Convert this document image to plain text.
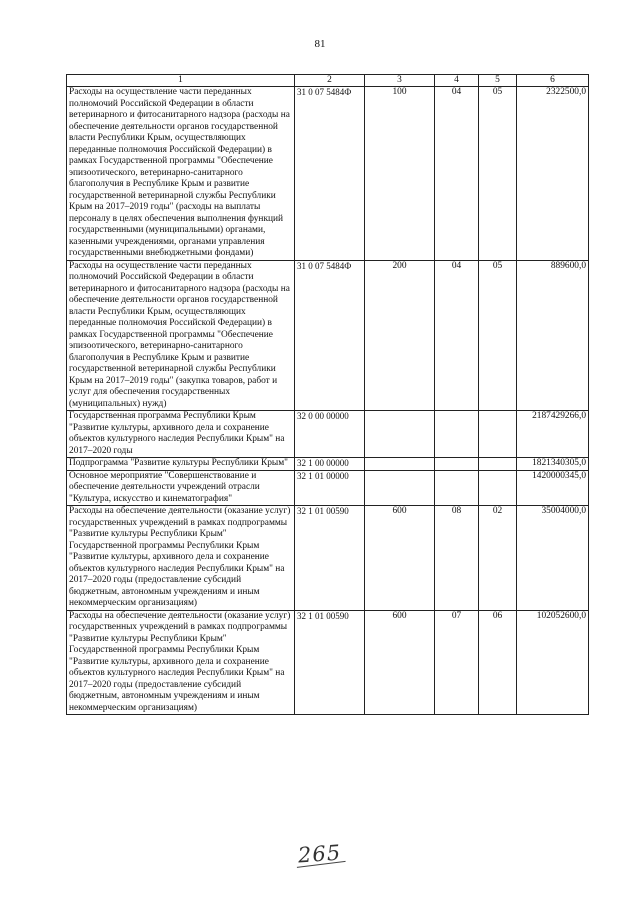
81
1	2	3	4	5	6
Расходы на осуществление части переданных полномочий Российской Федерации в области ветеринарного и фитосанитарного надзора (расходы на обеспечение деятельности органов государственной власти Республики Крым, осуществляющих переданные полномочия Российской Федерации) в рамках Государственной программы "Обеспечение эпизоотического, ветеринарно-санитарного благополучия в Республике Крым и развитие государственной ветеринарной службы Республики Крым на 2017–2019 годы" (расходы на выплаты персоналу в целях обеспечения выполнения функций государственными (муниципальными) органами, казенными учреждениями, органами управления государственными внебюджетными фондами)	31 0 07 5484Ф	100	04	05	2322500,0
Расходы на осуществление части переданных полномочий Российской Федерации в области ветеринарного и фитосанитарного надзора (расходы на обеспечение деятельности органов государственной власти Республики Крым, осуществляющих переданные полномочия Российской Федерации) в рамках Государственной программы "Обеспечение эпизоотического, ветеринарно-санитарного благополучия в Республике Крым и развитие государственной ветеринарной службы Республики Крым на 2017–2019 годы" (закупка товаров, работ и услуг для обеспечения государственных (муниципальных) нужд)	31 0 07 5484Ф	200	04	05	889600,0
Государственная программа Республики Крым "Развитие культуры, архивного дела и сохранение объектов культурного наследия Республики Крым" на 2017–2020 годы	32 0 00 00000				2187429266,0
Подпрограмма "Развитие культуры Республики Крым"	32 1 00 00000				1821340305,0
Основное мероприятие "Совершенствование и обеспечение деятельности учреждений отрасли "Культура, искусство и кинематография"	32 1 01 00000				1420000345,0
Расходы на обеспечение деятельности (оказание услуг) государственных учреждений в рамках подпрограммы "Развитие культуры Республики Крым" Государственной программы Республики Крым "Развитие культуры, архивного дела и сохранение объектов культурного наследия Республики Крым" на 2017–2020 годы (предоставление субсидий бюджетным, автономным учреждениям и иным некоммерческим организациям)	32 1 01 00590	600	08	02	35004000,0
Расходы на обеспечение деятельности (оказание услуг) государственных учреждений в рамках подпрограммы "Развитие культуры Республики Крым" Государственной программы Республики Крым "Развитие культуры, архивного дела и сохранение объектов культурного наследия Республики Крым" на 2017–2020 годы (предоставление субсидий бюджетным, автономным учреждениям и иным некоммерческим организациям)	32 1 01 00590	600	07	06	102052600,0
265
